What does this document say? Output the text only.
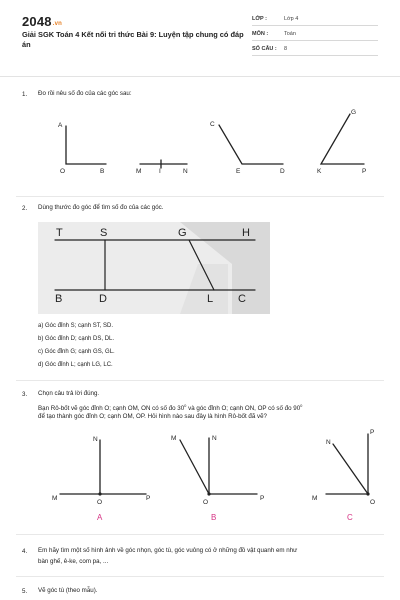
2048.vn
Giải SGK Toán 4 Kết nối tri thức Bài 9: Luyện tập chung có đáp án
LỚP :	Lớp 4
MÔN :	Toán
SỐ CÂU : 8
1. Đo rồi nêu số đo của các góc sau:
A
O	B	M	I	N
C
E	D
G
K	P
2. Dùng thước đo góc để tìm số đo của các góc.
T	S	G	H
B	D	L C
a) Góc đỉnh S; cạnh ST, SD.
b) Góc đỉnh D; cạnh DS, DL.
c) Góc đỉnh G; cạnh GS, GL.
d) Góc đỉnh L; cạnh LG, LC.
3. Chọn câu trả lời đúng.
Bạn Rô-bốt vẽ góc đỉnh O; cạnh OM, ON có số đo $30^0$ và góc đỉnh O; cạnh ON, OP có số đo $90^0$
để tạo thành góc đỉnh O; cạnh OM, OP. Hỏi hình nào sau đây là hình Rô-bốt đã vẽ?
N
M
O
P
M	N
O
P
N
P
M
O
A	B	C
4. Em hãy tìm một số hình ảnh về góc nhọn, góc tù, góc vuông có ở những đồ vật quanh em như
bàn ghế, ê-ke, com pa, ...
5. Vẽ góc tù (theo mẫu).
